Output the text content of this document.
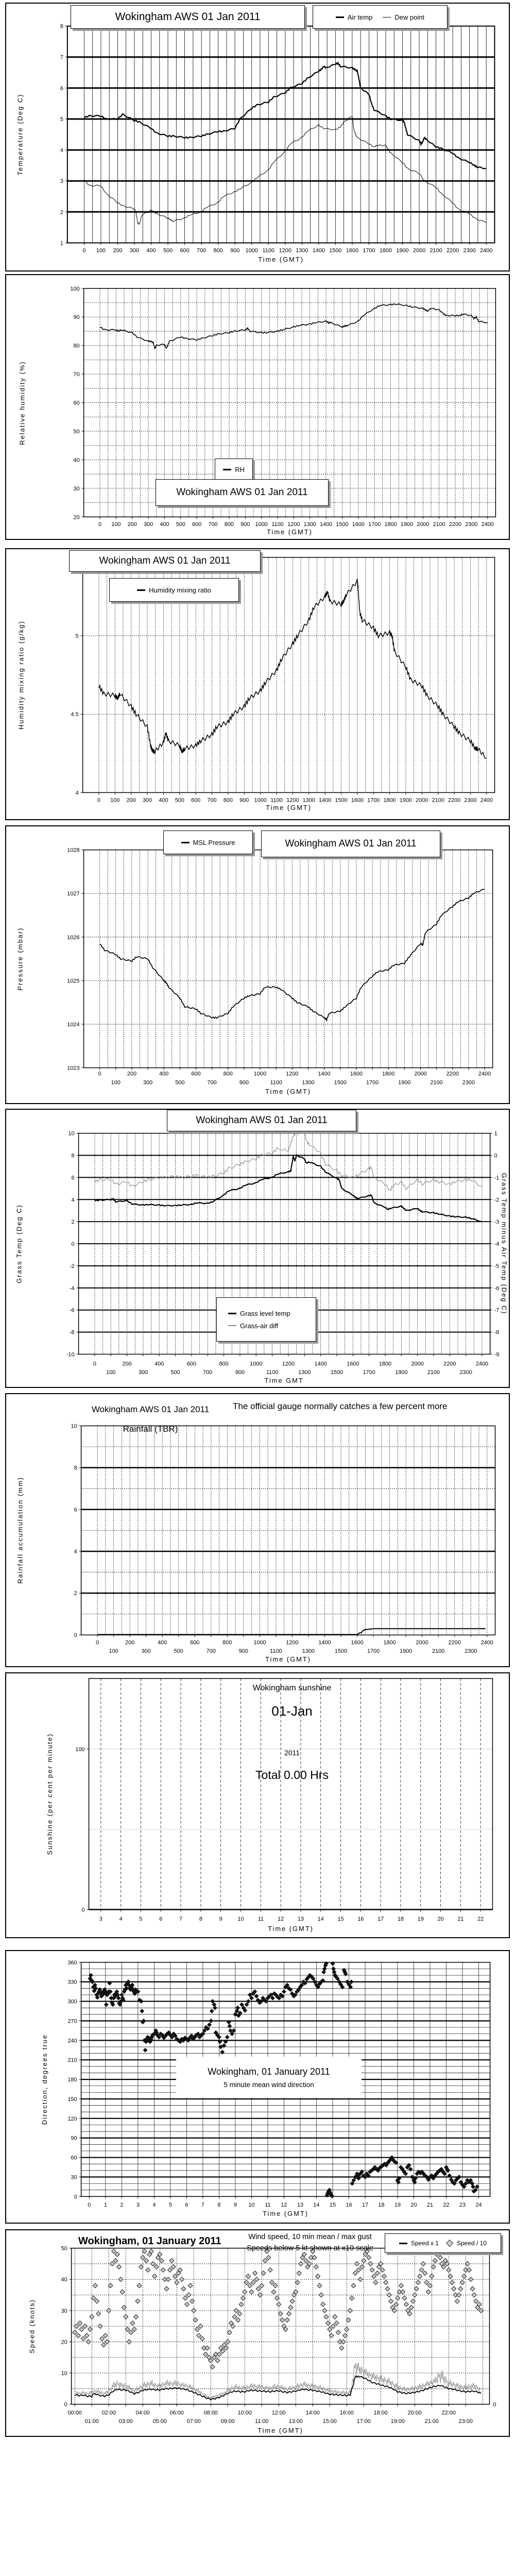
0 100 200 300 400 500 600 700 800 900 1000 1100 1200 1300 1400 1500 1600 1700 1800 1900 2000 2100 2200 2300 2400
1
2
3
4
5
6
7
8
Time (GMT)
Temperature (Deg C)
Wokingham AWS 01 Jan 2011	Air temp	Dew point
0 100 200 300 400 500 600 700 800 900 1000 1100 1200 1300 1400 1500 1600 1700 1800 1900 2000 2100 2200 2300 2400
20
30
40
50
60
70
80
90
100
Time (GMT)
Relative humidity (%)
RH
Wokingham AWS 01 Jan 2011
0 100 200 300 400 500 600 700 800 900 1000 1100 1200 1300 1400 1500 1600 1700 1800 1900 2000 2100 2200 2300 2400
4
4.5
5
Time (GMT)
Humidity mixing ratio (g/kg)
Wokingham AWS 01 Jan 2011
Humidity mixing ratio
0
100
200
300
400
500
600
700
800
900
1000
1100
1200
1300
1400
1500
1600
1700
1800
1900
2000
2100
2200
2300
2400
1023
1024
1025
1026
1027
1028
Time (GMT)
Pressure (mbar)
MSL Pressure	Wokingham AWS 01 Jan 2011
0
100
200
300
400
500
600
700
800
900
1000
1100
1200
1300
1400
1500
1600
1700
1800
1900
2000
2100
2200
2300
2400
-10
-8
-6
-4
-2
0
2
4
6
8
10	1
0
-1
-2
-3
-4
-5
-6
-7
-8
-9
Time GMT
Grass Temp (Deg C)	Grass Temp minus Air Temp (Deg C)
Wokingham AWS 01 Jan 2011
Grass level temp
Grass-air diff
0
100
200
300
400
500
600
700
800
900
1000
1100
1200
1300
1400
1500
1600
1700
1800
1900
2000
2100
2200
2300
2400
0
2
4
6
8
10
Time (GMT)
Rainfall accumulation (mm)
Wokingham AWS 01 Jan 2011
Rainfall (TBR)
The official gauge normally catches a few percent more
3	4	5	6	7	8	9	10 11 12 13 14 15 16 17 18 19 20 21 22
0
100
Time (GMT)
Sunshine (per cent per minute)
Wokingham sunshine
01-Jan
2011
Total 0.00 Hrs
0 1 2 3 4 5 6 7 8 9 10 11 12 13 14 15 16 17 18 19 20 21 22 23 24
0
30
60
90
120
150
180
210
240
270
300
330
360
Time (GMT)
Direction, degrees true	Wokingham, 01 January 2011
5 minute mean wind direction
00:00
01:00
02:00
03:00
04:00
05:00
06:00
07:00
08:00
09:00
10:00
11:00
12:00
13:00
14:00
15:00
16:00
17:00
18:00
19:00
20:00
21:00
22:00
23:00
0
10
20
30
40
50
Time (GMT)
Speed (knots)
0
Wokingham, 01 January 2011	Wind speed, 10 min mean / max gust
Speeds below 5 kt shown at x10 scale
Speed x 1	Speed / 10
